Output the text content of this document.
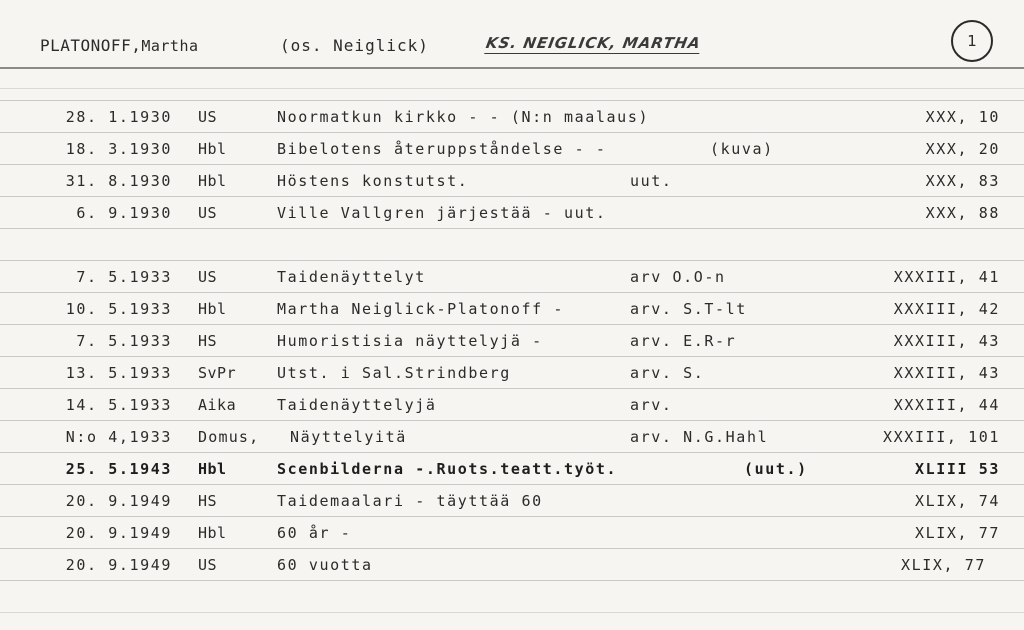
PLATONOFF,Martha	(os. Neiglick)	KS. NEIGLICK, MARTHA	1
28. 1.1930 US	Noormatkun kirkko - - (N:n maalaus)	XXX, 10
18. 3.1930 Hbl	Bibelotens återuppståndelse - -	(kuva)	XXX, 20
31. 8.1930 Hbl	Höstens konstutst.	uut.	XXX, 83
6. 9.1930 US	Ville Vallgren järjestää - uut.	XXX, 88
7. 5.1933 US	Taidenäyttelyt	arv O.O-n	XXXIII, 41
10. 5.1933 Hbl	Martha Neiglick-Platonoff -	arv. S.T-lt	XXXIII, 42
7. 5.1933 HS	Humoristisia näyttelyjä -	arv. E.R-r	XXXIII, 43
13. 5.1933 SvPr	Utst. i Sal.Strindberg	arv. S.	XXXIII, 43
14. 5.1933 Aika	Taidenäyttelyjä	arv.	XXXIII, 44
N:o 4,1933 Domus, Näyttelyitä	arv. N.G.Hahl	XXXIII, 101
25. 5.1943 Hbl	Scenbilderna -.Ruots.teatt.työt.	(uut.)	XLIII 53
20. 9.1949 HS	Taidemaalari - täyttää 60	XLIX, 74
20. 9.1949 Hbl	60 år -	XLIX, 77
20. 9.1949 US	60 vuotta	XLIX, 77
